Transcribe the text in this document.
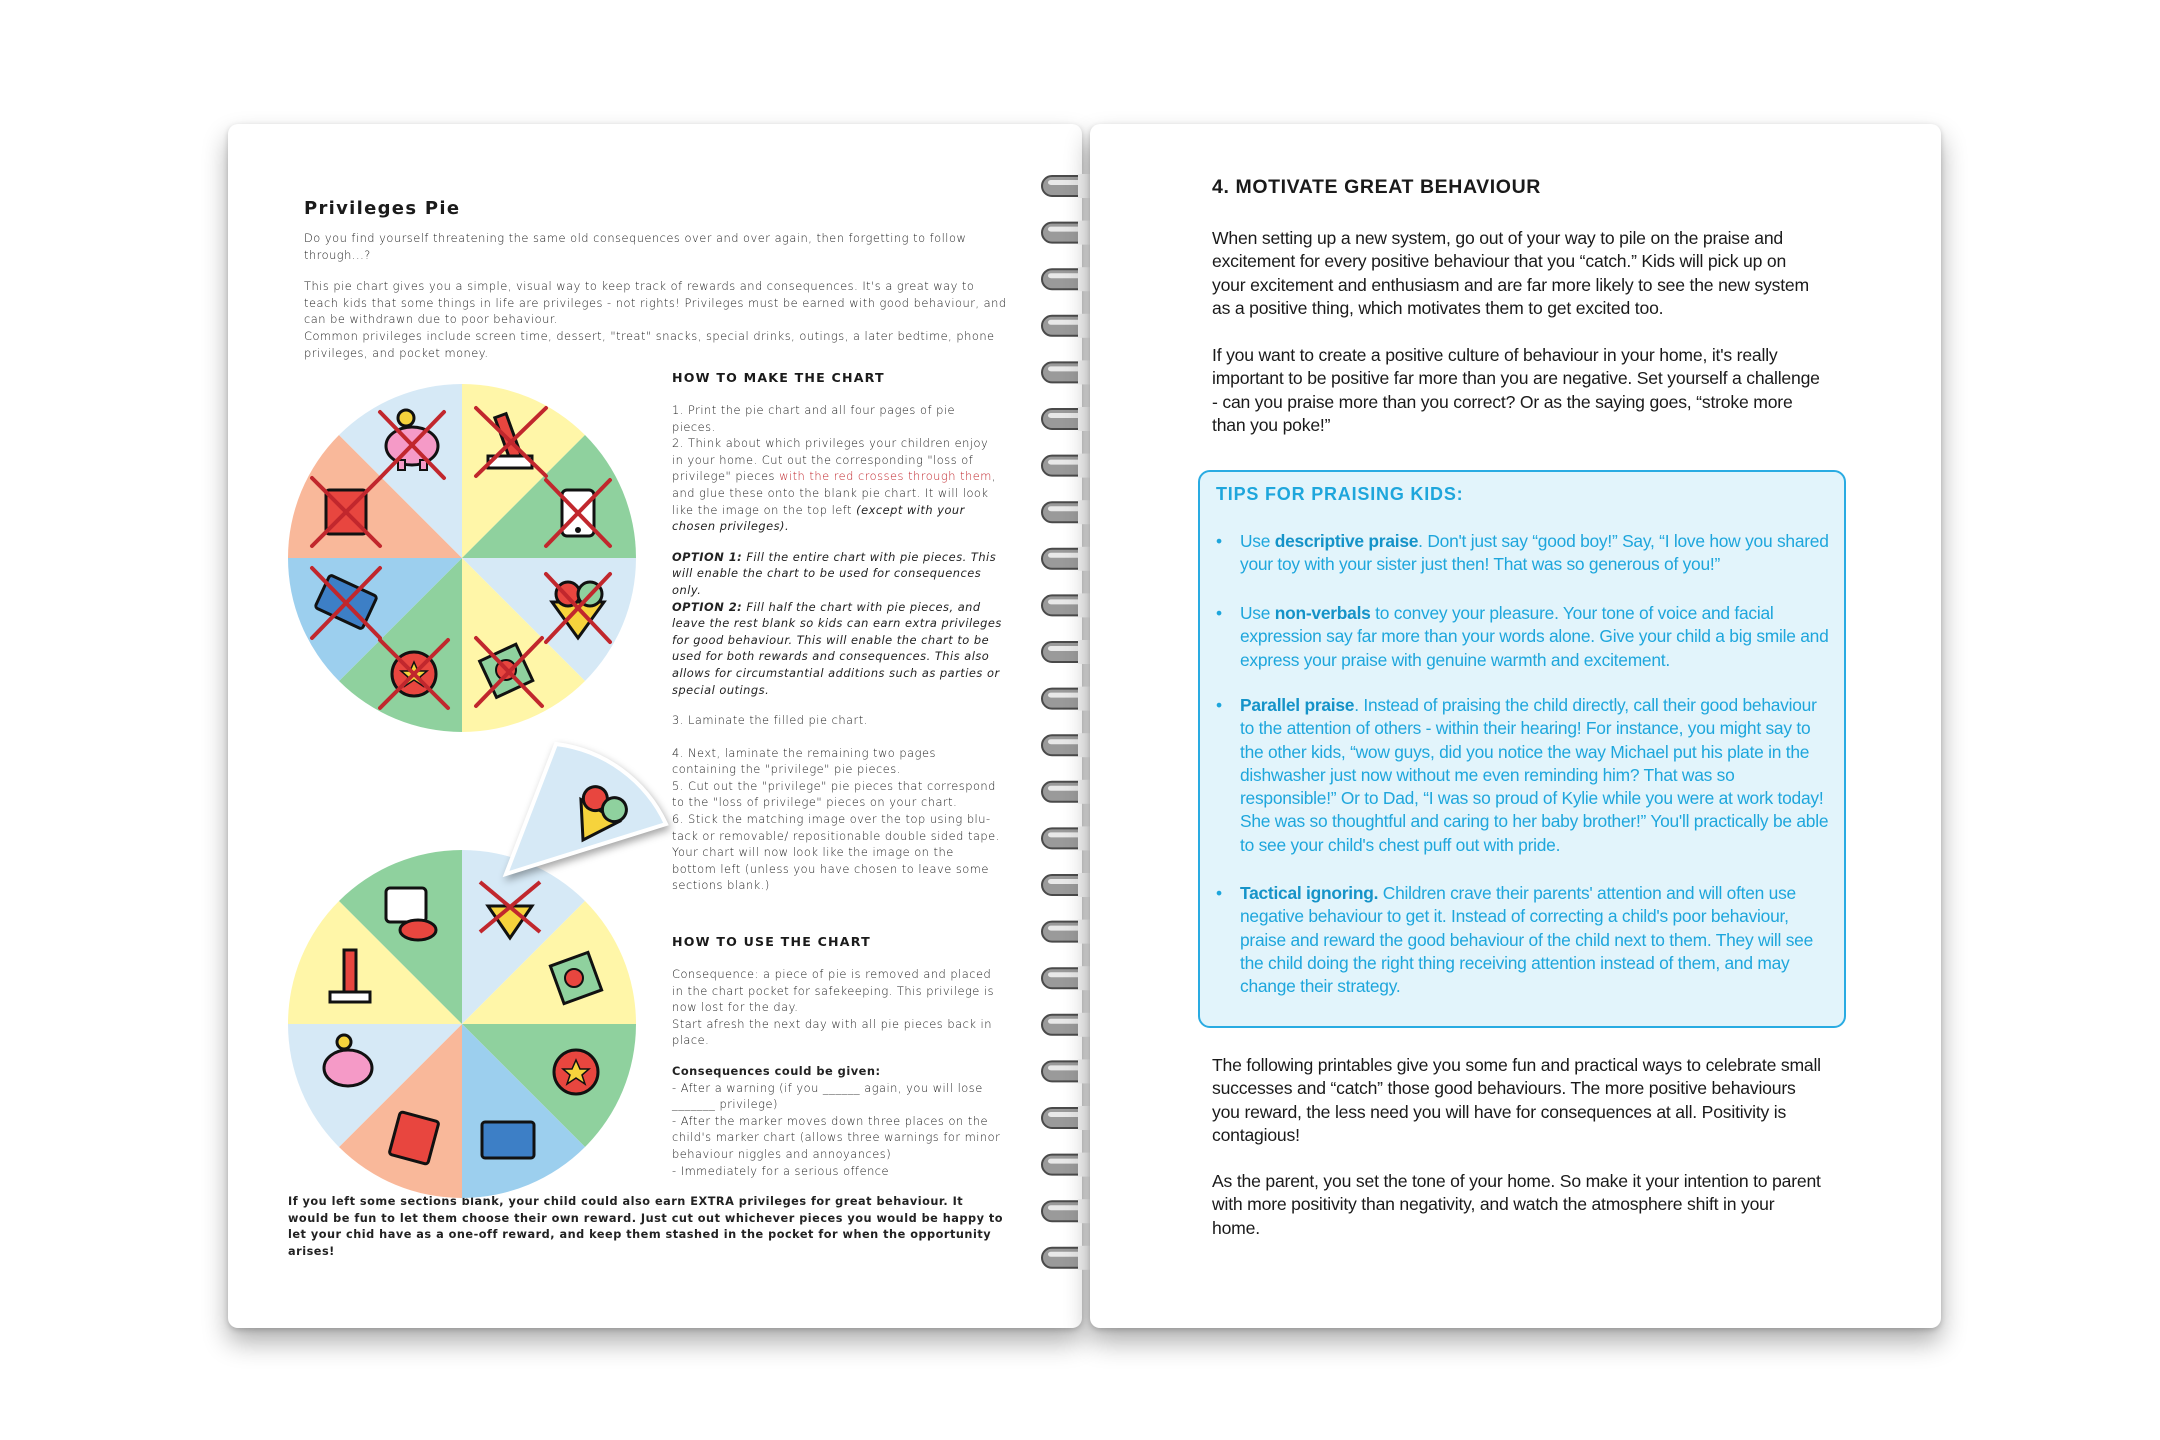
Privileges Pie
Do you find yourself threatening the same old consequences over and over again, then forgetting to follow through...?
This pie chart gives you a simple, visual way to keep track of rewards and consequences. It's a great way to teach kids that some things in life are privileges - not rights! Privileges must be earned with good behaviour, and can be withdrawn due to poor behaviour.
Common privileges include screen time, dessert, "treat" snacks, special drinks, outings, a later bedtime, phone privileges, and pocket money.
HOW TO MAKE THE CHART
1. Print the pie chart and all four pages of pie pieces.
2. Think about which privileges your children enjoy in your home. Cut out the corresponding "loss of privilege" pieces with the red crosses through them, and glue these onto the blank pie chart. It will look like the image on the top left (except with your chosen privileges).
OPTION 1: Fill the entire chart with pie pieces. This will enable the chart to be used for consequences only.
OPTION 2: Fill half the chart with pie pieces, and leave the rest blank so kids can earn extra privileges for good behaviour. This will enable the chart to be used for both rewards and consequences. This also allows for circumstantial additions such as parties or special outings.
3. Laminate the filled pie chart.
4. Next, laminate the remaining two pages containing the "privilege" pie pieces.
5. Cut out the "privilege" pie pieces that correspond to the "loss of privilege" pieces on your chart.
6. Stick the matching image over the top using blu-tack or removable/ repositionable double sided tape. Your chart will now look like the image on the bottom left (unless you have chosen to leave some sections blank.)
HOW TO USE THE CHART
Consequence: a piece of pie is removed and placed in the chart pocket for safekeeping. This privilege is now lost for the day.
Start afresh the next day with all pie pieces back in place.
Consequences could be given:
- After a warning (if you ______ again, you will lose _______ privilege)
- After the marker moves down three places on the child's marker chart (allows three warnings for minor behaviour niggles and annoyances)
- Immediately for a serious offence
If you left some sections blank, your child could also earn EXTRA privileges for great behaviour. It would be fun to let them choose their own reward. Just cut out whichever pieces you would be happy to let your chid have as a one-off reward, and keep them stashed in the pocket for when the opportunity arises!
4. MOTIVATE GREAT BEHAVIOUR
When setting up a new system, go out of your way to pile on the praise and excitement for every positive behaviour that you “catch.” Kids will pick up on your excitement and enthusiasm and are far more likely to see the new system as a positive thing, which motivates them to get excited too.
If you want to create a positive culture of behaviour in your home, it's really important to be positive far more than you are negative. Set yourself a challenge - can you praise more than you correct? Or as the saying goes, “stroke more than you poke!”
TIPS FOR PRAISING KIDS:
• Use descriptive praise. Don't just say “good boy!” Say, “I love how you shared your toy with your sister just then! That was so generous of you!”
• Use non-verbals to convey your pleasure. Your tone of voice and facial expression say far more than your words alone. Give your child a big smile and express your praise with genuine warmth and excitement.
• Parallel praise. Instead of praising the child directly, call their good behaviour to the attention of others - within their hearing! For instance, you might say to the other kids, “wow guys, did you notice the way Michael put his plate in the dishwasher just now without me even reminding him? That was so responsible!” Or to Dad, “I was so proud of Kylie while you were at work today! She was so thoughtful and caring to her baby brother!” You'll practically be able to see your child's chest puff out with pride.
• Tactical ignoring. Children crave their parents' attention and will often use negative behaviour to get it. Instead of correcting a child's poor behaviour, praise and reward the good behaviour of the child next to them. They will see the child doing the right thing receiving attention instead of them, and may change their strategy.
The following printables give you some fun and practical ways to celebrate small successes and “catch” those good behaviours. The more positive behaviours you reward, the less need you will have for consequences at all. Positivity is contagious!
As the parent, you set the tone of your home. So make it your intention to parent with more positivity than negativity, and watch the atmosphere shift in your home.
